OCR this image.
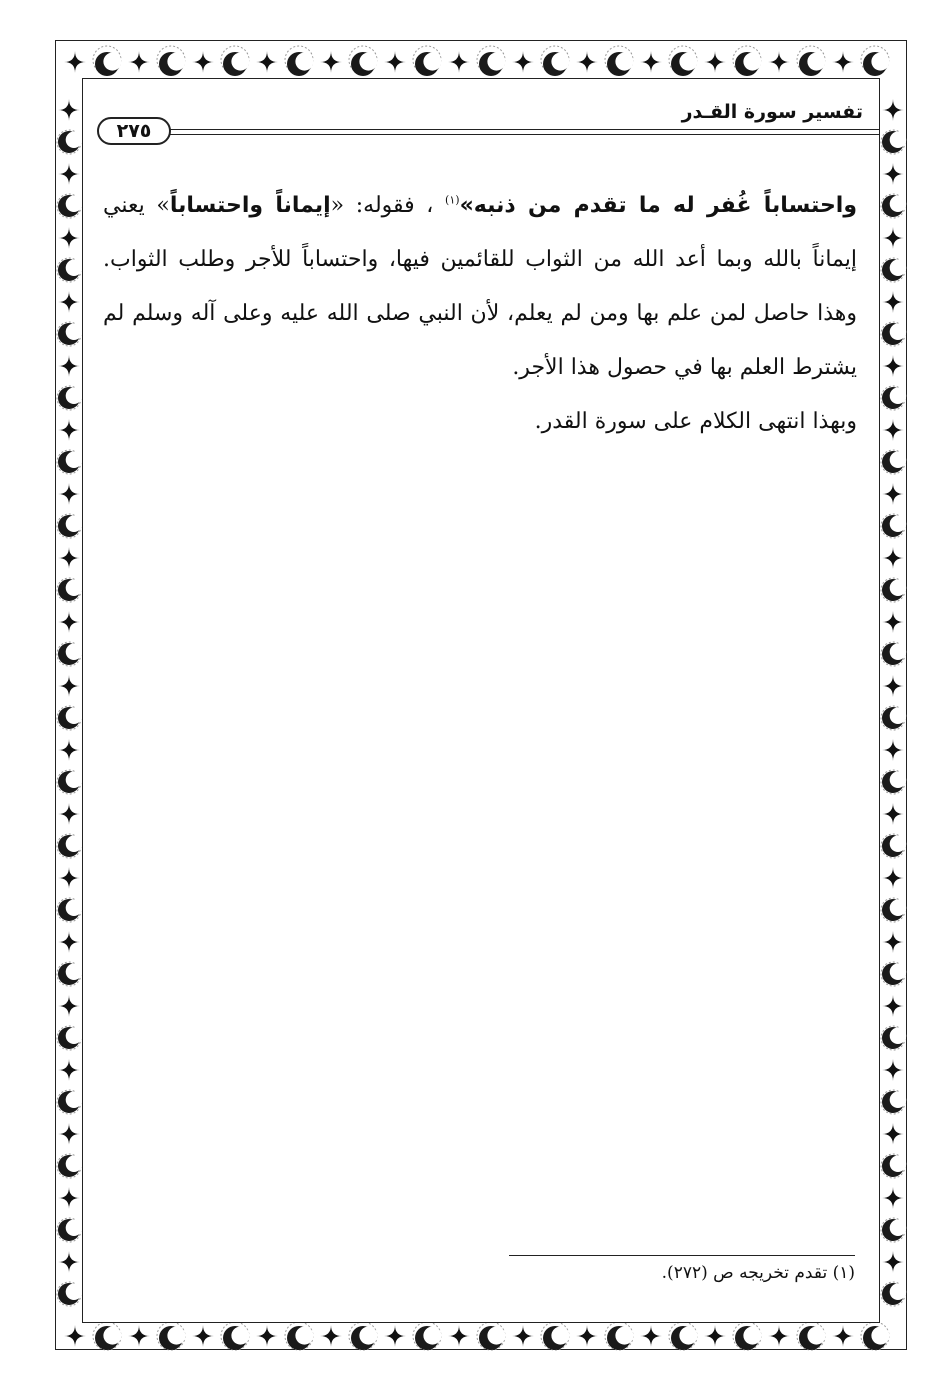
تفسير سورة القـدر
٢٧٥

واحتساباً غُفر له ما تقدم من ذنبه»$^{(١)}$ ، فقوله: «إيماناً واحتساباً» يعني إيماناً بالله وبما أعد الله من الثواب للقائمين فيها، واحتساباً للأجر وطلب الثواب. وهذا حاصل لمن علم بها ومن لم يعلم، لأن النبي صلى الله عليه وعلى آله وسلم لم يشترط العلم بها في حصول هذا الأجر.

وبهذا انتهى الكلام على سورة القدر.

(١) تقدم تخريجه ص (٢٧٢).
